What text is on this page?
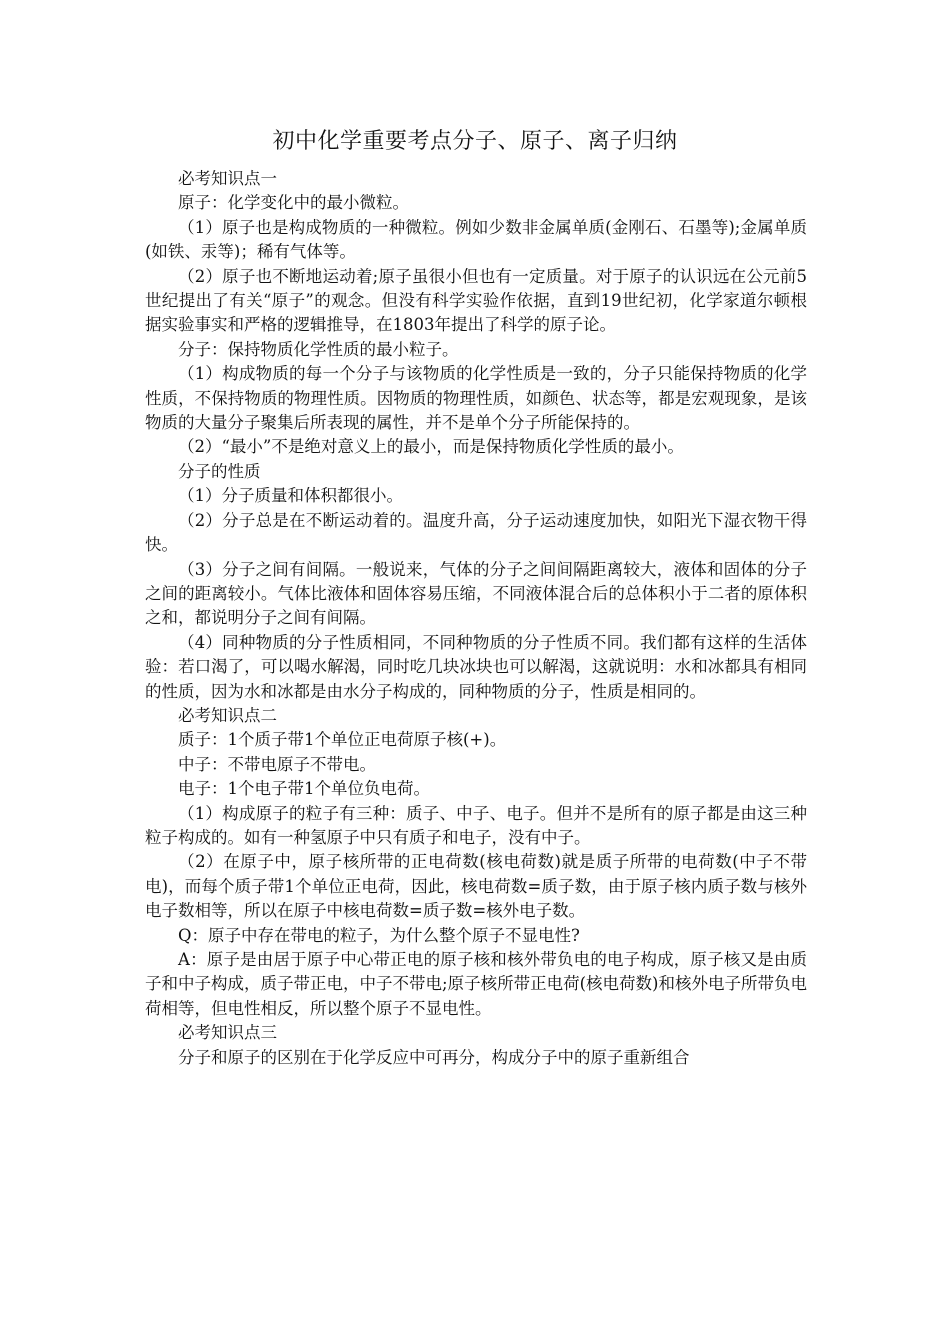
初中化学重要考点分子、原子、离子归纳

必考知识点一

原子：化学变化中的最小微粒。

（1）原子也是构成物质的一种微粒。例如少数非金属单质(金刚石、石墨等);金属单质(如铁、汞等)；稀有气体等。

（2）原子也不断地运动着;原子虽很小但也有一定质量。对于原子的认识远在公元前5世纪提出了有关“原子”的观念。但没有科学实验作依据，直到19世纪初，化学家道尔顿根据实验事实和严格的逻辑推导，在1803年提出了科学的原子论。

分子：保持物质化学性质的最小粒子。

（1）构成物质的每一个分子与该物质的化学性质是一致的，分子只能保持物质的化学性质，不保持物质的物理性质。因物质的物理性质，如颜色、状态等，都是宏观现象，是该物质的大量分子聚集后所表现的属性，并不是单个分子所能保持的。

（2）“最小”不是绝对意义上的最小，而是保持物质化学性质的最小。

分子的性质

（1）分子质量和体积都很小。

（2）分子总是在不断运动着的。温度升高，分子运动速度加快，如阳光下湿衣物干得快。

（3）分子之间有间隔。一般说来，气体的分子之间间隔距离较大，液体和固体的分子之间的距离较小。气体比液体和固体容易压缩，不同液体混合后的总体积小于二者的原体积之和，都说明分子之间有间隔。

（4）同种物质的分子性质相同，不同种物质的分子性质不同。我们都有这样的生活体验：若口渴了，可以喝水解渴，同时吃几块冰块也可以解渴，这就说明：水和冰都具有相同的性质，因为水和冰都是由水分子构成的，同种物质的分子，性质是相同的。

必考知识点二

质子：1个质子带1个单位正电荷原子核(+)。

中子：不带电原子不带电。

电子：1个电子带1个单位负电荷。

（1）构成原子的粒子有三种：质子、中子、电子。但并不是所有的原子都是由这三种粒子构成的。如有一种氢原子中只有质子和电子，没有中子。

（2）在原子中，原子核所带的正电荷数(核电荷数)就是质子所带的电荷数(中子不带电)，而每个质子带1个单位正电荷，因此，核电荷数=质子数，由于原子核内质子数与核外电子数相等，所以在原子中核电荷数=质子数=核外电子数。

Q：原子中存在带电的粒子，为什么整个原子不显电性?

A：原子是由居于原子中心带正电的原子核和核外带负电的电子构成，原子核又是由质子和中子构成，质子带正电，中子不带电;原子核所带正电荷(核电荷数)和核外电子所带负电荷相等，但电性相反，所以整个原子不显电性。

必考知识点三

分子和原子的区别在于化学反应中可再分，构成分子中的原子重新组合
